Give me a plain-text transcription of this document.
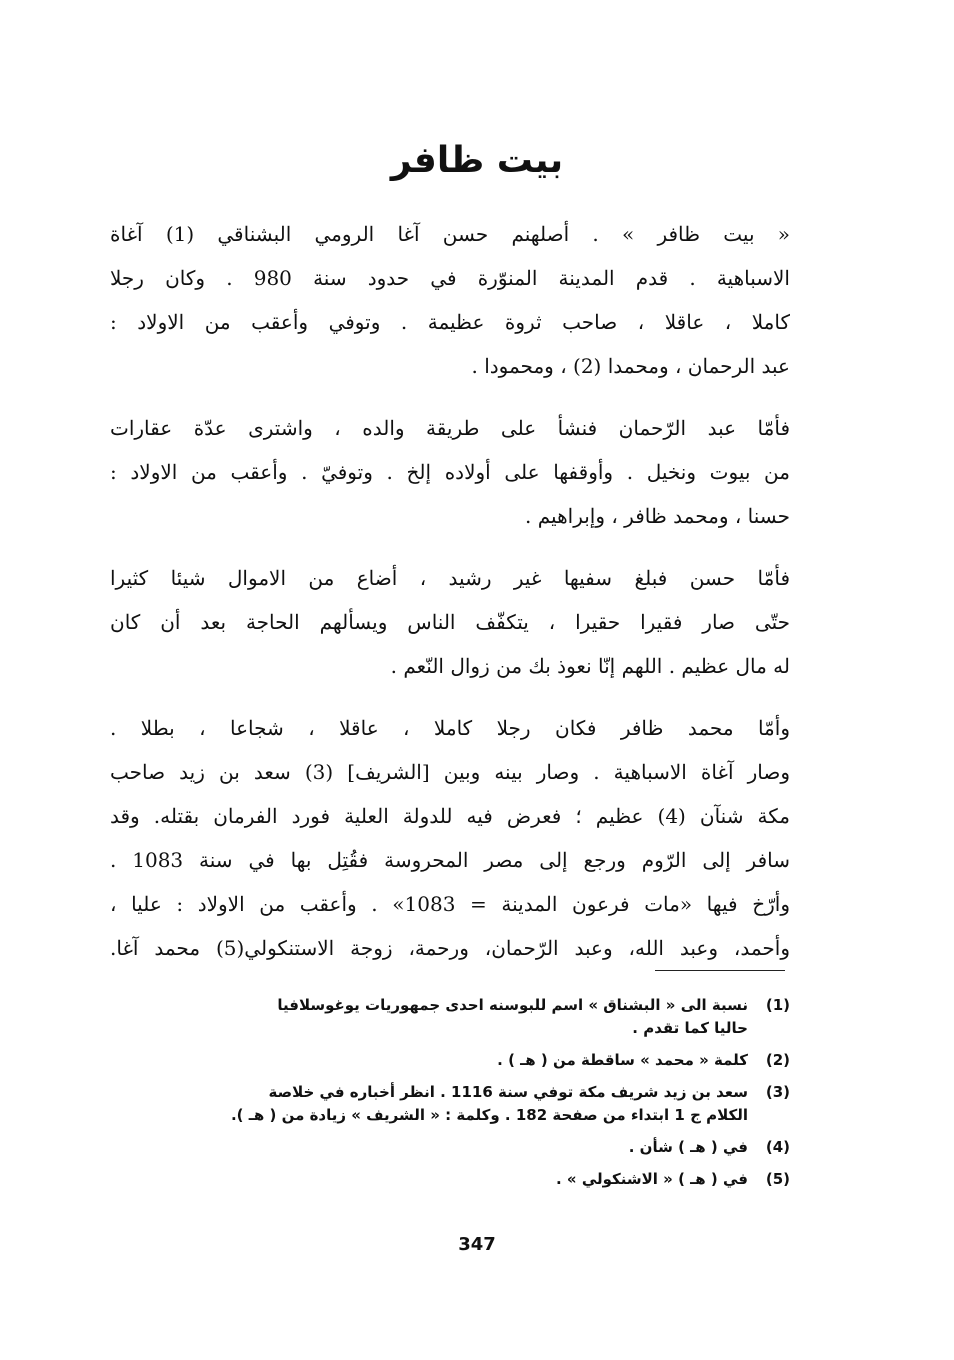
بيت ظافر

« بيت ظافر » . أصلهنم حسن آغا الرومي البشناقي (1) آغاة
الاسباهية . قدم المدينة المنوّرة في حدود سنة 980 . وكان رجلا
كاملا ، عاقلا ، صاحب ثروة عظيمة . وتوفي وأعقب من الاولاد :
عبد الرحمان ، ومحمدا (2) ، ومحمودا .

فأمّا عبد الرّحمان فنشأ على طريقة والده ، واشترى عدّة عقارات
من بيوت ونخيل . وأوقفها على أولاده إلخ . وتوفيّ . وأعقب من الاولاد :
حسنا ، ومحمد ظافر ، وإبراهيم .

فأمّا حسن فبلغ سفيها غير رشيد ، أضاع من الاموال شيئا كثيرا
حتّى صار فقيرا حقيرا ، يتكفّف الناس ويسألهم الحاجة بعد أن كان
له مال عظيم . اللهم إنّا نعوذ بك من زوال النّعم .

وأمّا محمد ظافر فكان رجلا كاملا ، عاقلا ، شجاعا ، بطلا .
وصار آغاة الاسباهية . وصار بينه وبين [الشريف] (3) سعد بن زيد صاحب
مكة شنآن (4) عظيم ؛ فعرض فيه للدولة العلية فورد الفرمان بقتله. وقد
سافر إلى الرّوم ورجع إلى مصر المحروسة فقُتِل بها في سنة 1083 .
وأرّخ فيها «مات فرعون المدينة = 1083» . وأعقب من الاولاد : عليا ،
وأحمد، وعبد الله، وعبد الرّحمان، ورحمة، زوجة الاستنكولي(5) محمد آغا.

(1)
نسبة الى « البشناق » اسم للبوسنه احدى جمهوريات يوغوسلافيا
حاليا كما تقدم .
(2)
كلمة « محمد » ساقطة من ( هـ ) .
(3)
سعد بن زيد شريف مكة توفي سنة 1116 . انظر أخباره في خلاصة
الكلام ج 1 ابتداء من صفحة 182 . وكلمة : « الشريف » زيادة من ( هـ ).
(4)
في ( هـ ) شأن .
(5)
في ( هـ ) « الاشنكولي » .
347
